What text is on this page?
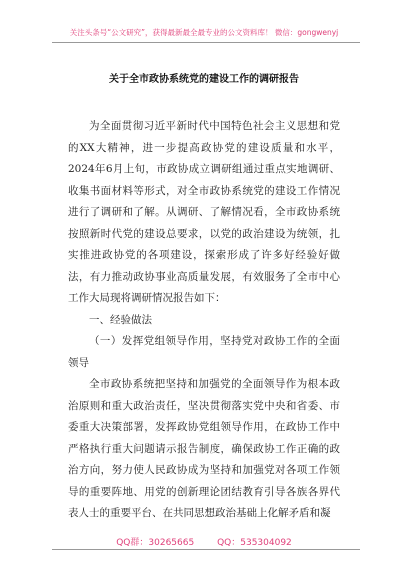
关注头条号“公文研究”，获得最新最全最专业的公文资料库！ 微信：gongwenyj
关于全市政协系统党的建设工作的调研报告

为全面贯彻习近平新时代中国特色社会主义思想和党的XX大精神，进一步提高政协党的建设质量和水平，2024年6月上旬，市政协成立调研组通过重点实地调研、收集书面材料等形式，对全市政协系统党的建设工作情况进行了调研和了解。从调研、了解情况看，全市政协系统按照新时代党的建设总要求，以党的政治建设为统领，扎实推进政协党的各项建设，探索形成了许多好经验好做法，有力推动政协事业高质量发展，有效服务了全市中心工作大局现将调研情况报告如下：

一、经验做法

（一）发挥党组领导作用，坚持党对政协工作的全面领导

全市政协系统把坚持和加强党的全面领导作为根本政治原则和重大政治责任，坚决贯彻落实党中央和省委、市委重大决策部署，发挥政协党组领导作用，在政协工作中严格执行重大问题请示报告制度，确保政协工作正确的政治方向，努力使人民政协成为坚持和加强党对各项工作领导的重要阵地、用党的创新理论团结教育引导各族各界代表人士的重要平台、在共同思想政治基础上化解矛盾和凝

QQ群：30265665	QQ：535304092
